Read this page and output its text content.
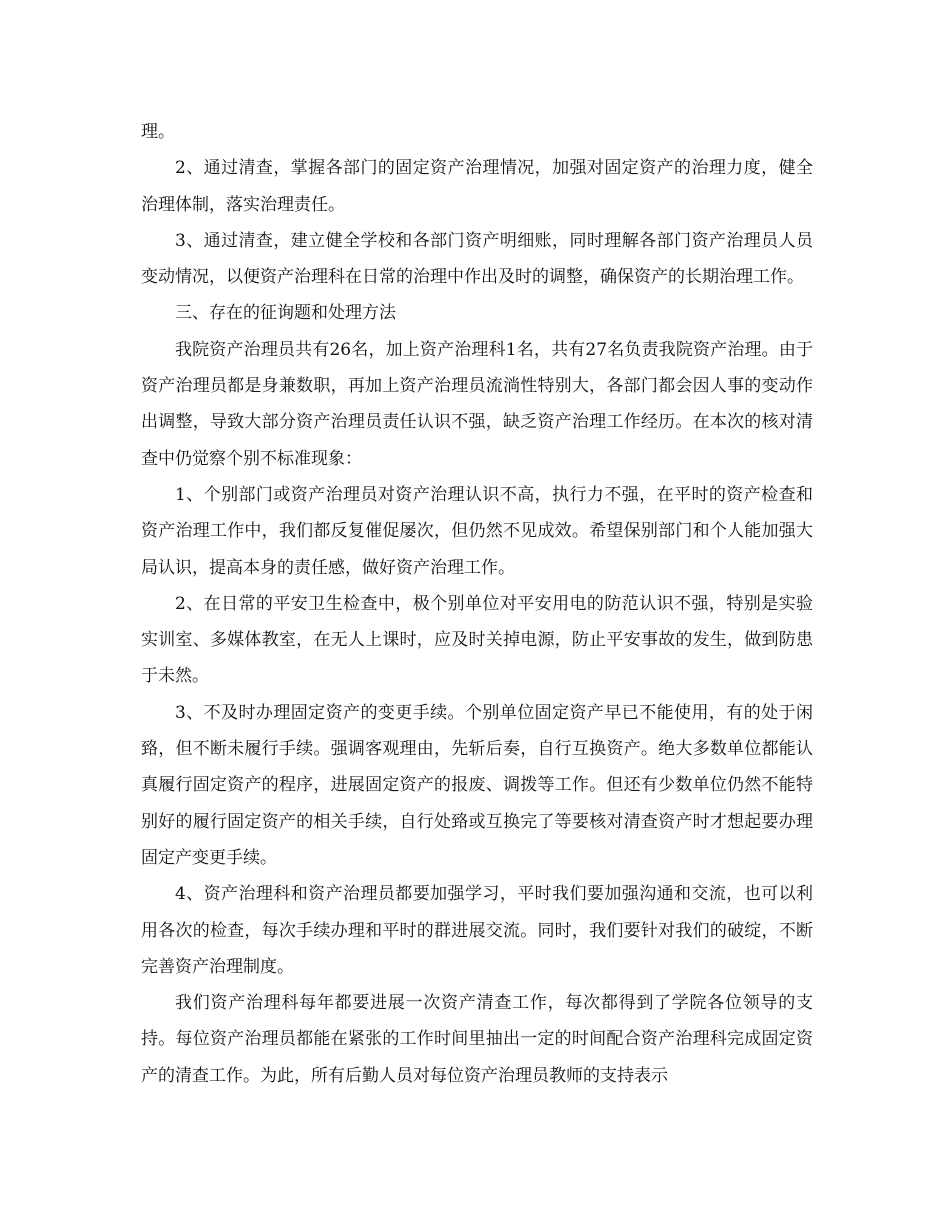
理。

2、通过清查，掌握各部门的固定资产治理情况，加强对固定资产的治理力度，健全治理体制，落实治理责任。

3、通过清查，建立健全学校和各部门资产明细账，同时理解各部门资产治理员人员变动情况，以便资产治理科在日常的治理中作出及时的调整，确保资产的长期治理工作。

三、存在的征询题和处理方法

我院资产治理员共有26名，加上资产治理科1名，共有27名负责我院资产治理。由于资产治理员都是身兼数职，再加上资产治理员流淌性特别大，各部门都会因人事的变动作出调整，导致大部分资产治理员责任认识不强，缺乏资产治理工作经历。在本次的核对清查中仍觉察个别不标准现象：

1、个别部门或资产治理员对资产治理认识不高，执行力不强，在平时的资产检查和资产治理工作中，我们都反复催促屡次，但仍然不见成效。希望保别部门和个人能加强大局认识，提高本身的责任感，做好资产治理工作。

2、在日常的平安卫生检查中，极个别单位对平安用电的防范认识不强，特别是实验实训室、多媒体教室，在无人上课时，应及时关掉电源，防止平安事故的发生，做到防患于未然。

3、不及时办理固定资产的变更手续。个别单位固定资产早已不能使用，有的处于闲臵，但不断未履行手续。强调客观理由，先斩后奏，自行互换资产。绝大多数单位都能认真履行固定资产的程序，进展固定资产的报废、调拨等工作。但还有少数单位仍然不能特别好的履行固定资产的相关手续，自行处臵或互换完了等要核对清查资产时才想起要办理固定产变更手续。

4、资产治理科和资产治理员都要加强学习，平时我们要加强沟通和交流，也可以利用各次的检查，每次手续办理和平时的群进展交流。同时，我们要针对我们的破绽，不断完善资产治理制度。

我们资产治理科每年都要进展一次资产清查工作，每次都得到了学院各位领导的支持。每位资产治理员都能在紧张的工作时间里抽出一定的时间配合资产治理科完成固定资产的清查工作。为此，所有后勤人员对每位资产治理员教师的支持表示
